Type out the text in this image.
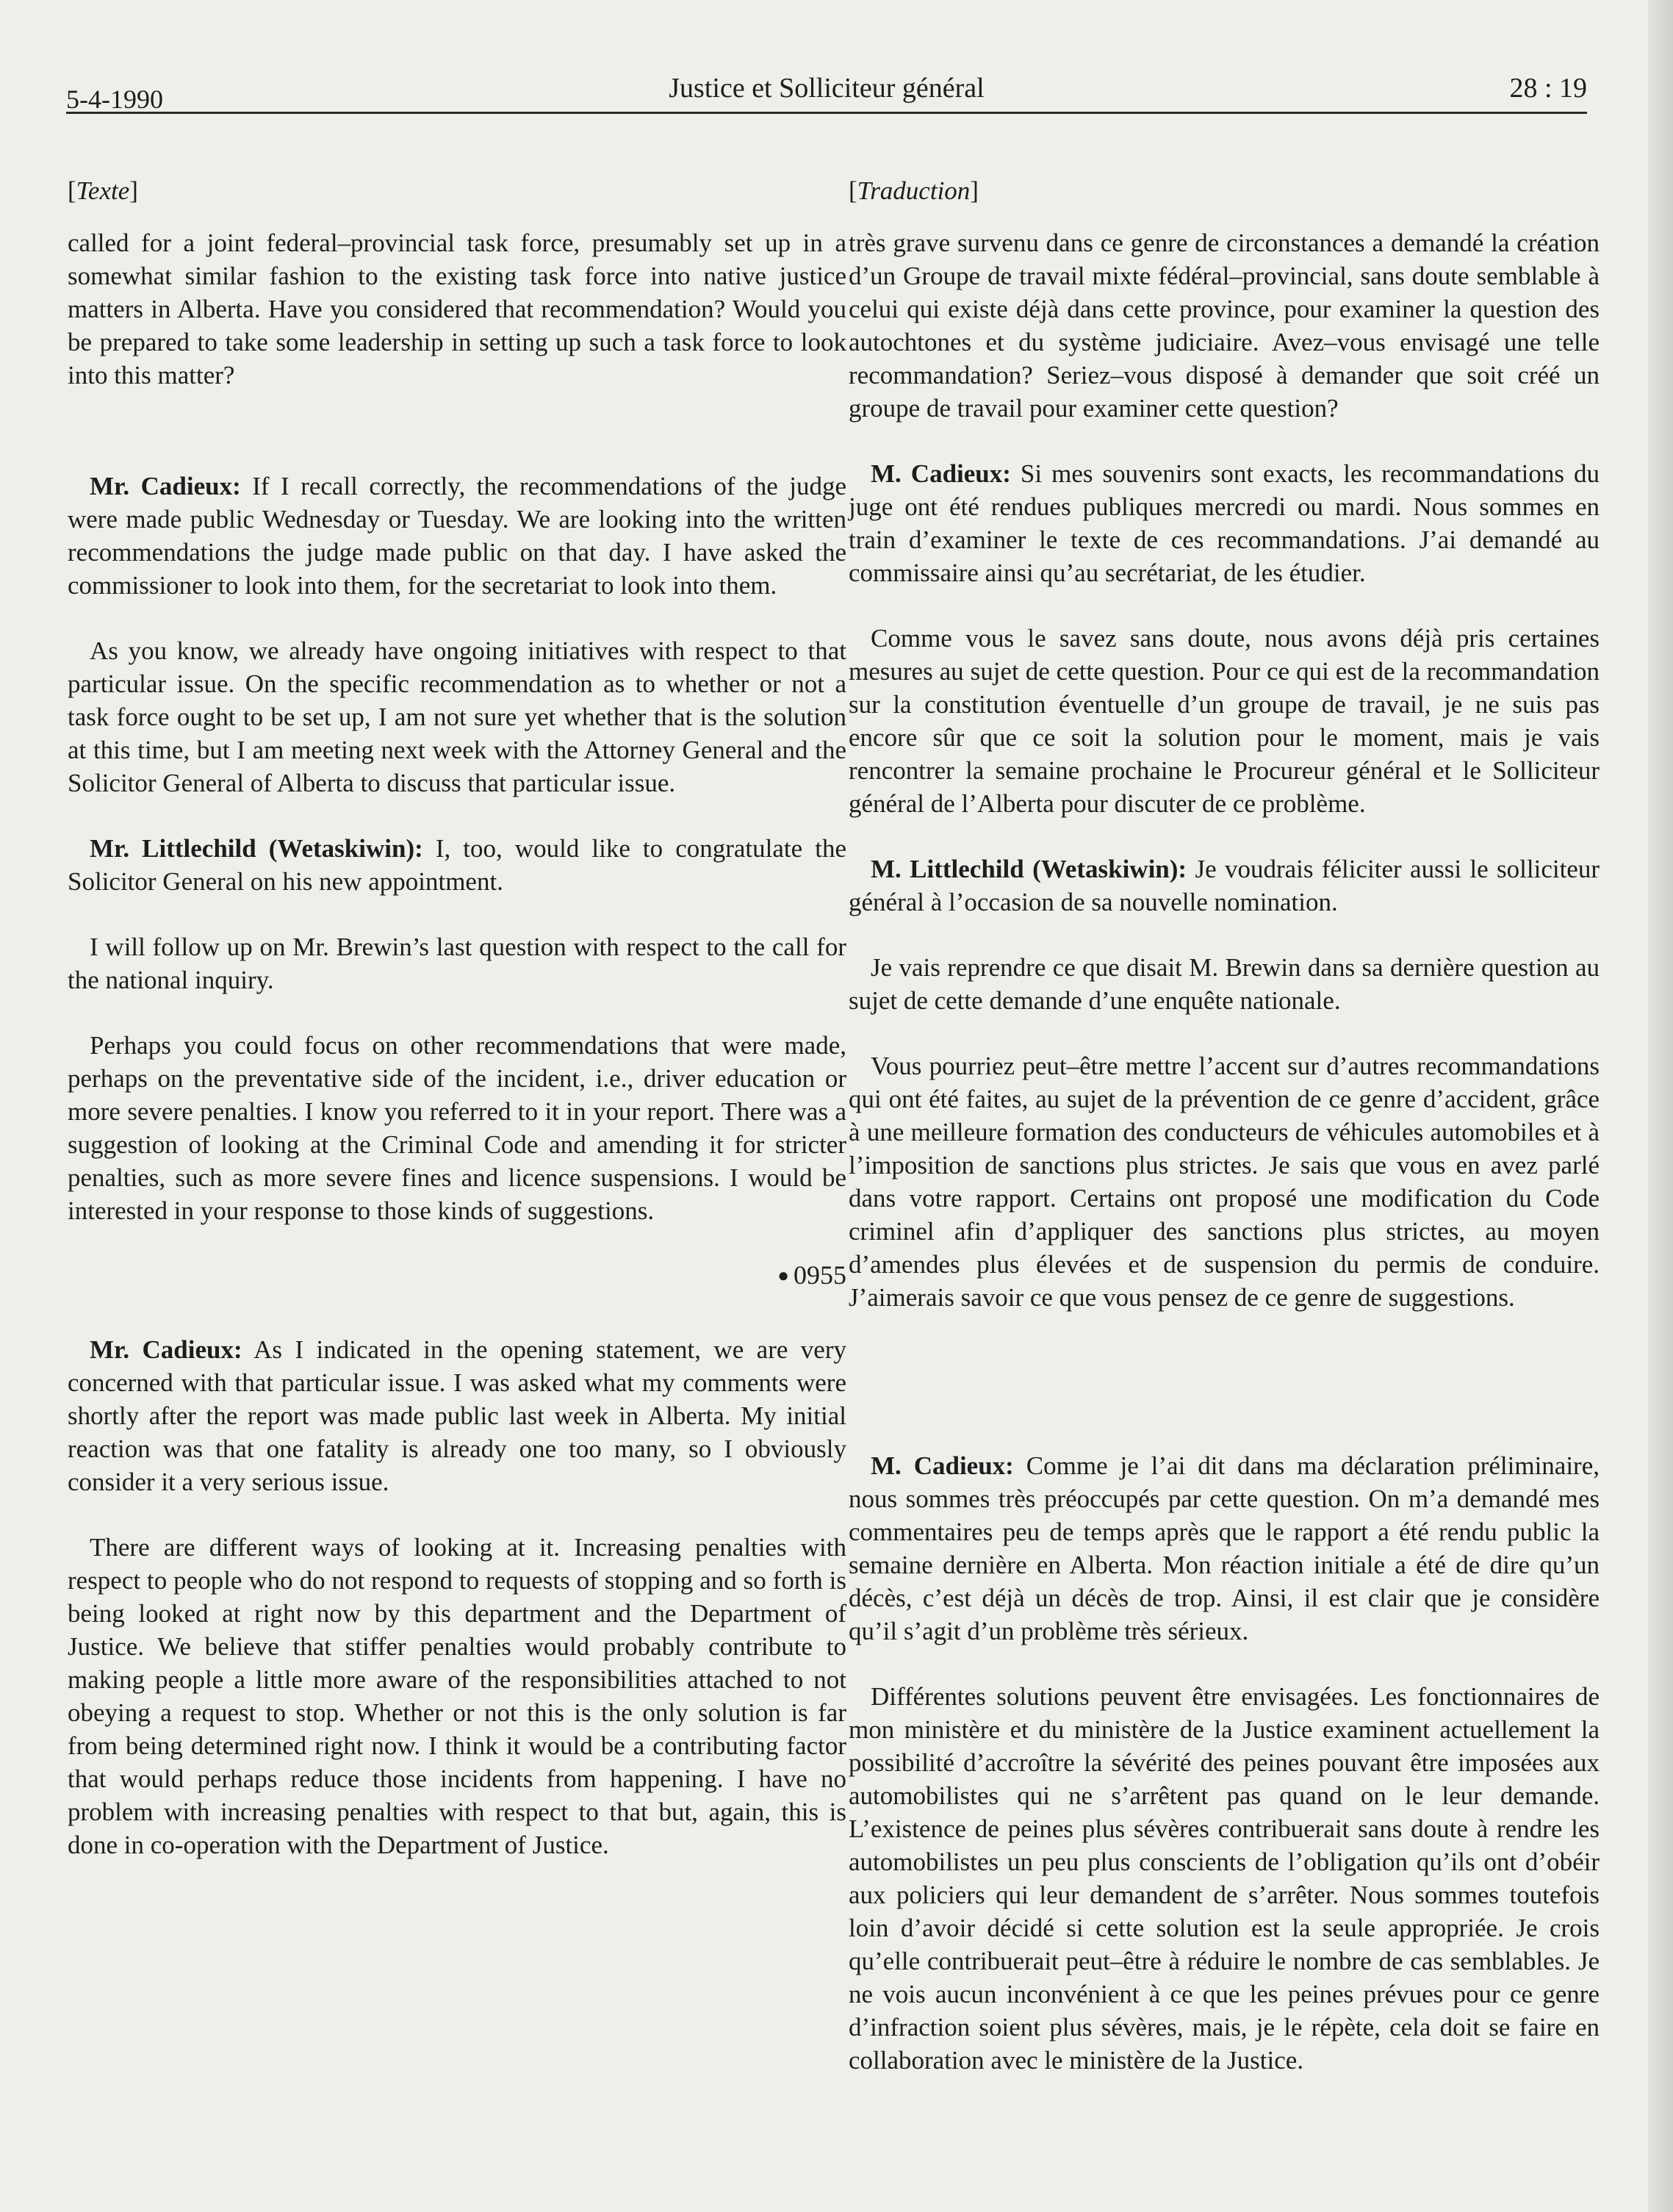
5-4-1990	Justice et Solliciteur général	28 : 19

[Texte]

called for a joint federal–provincial task force, presumably set up in a somewhat similar fashion to the existing task force into native justice matters in Alberta. Have you considered that recommendation? Would you be prepared to take some leadership in setting up such a task force to look into this matter?

Mr. Cadieux: If I recall correctly, the recommendations of the judge were made public Wednesday or Tuesday. We are looking into the written recommendations the judge made public on that day. I have asked the commissioner to look into them, for the secretariat to look into them.

As you know, we already have ongoing initiatives with respect to that particular issue. On the specific recommendation as to whether or not a task force ought to be set up, I am not sure yet whether that is the solution at this time, but I am meeting next week with the Attorney General and the Solicitor General of Alberta to discuss that particular issue.

Mr. Littlechild (Wetaskiwin): I, too, would like to congratulate the Solicitor General on his new appointment.

I will follow up on Mr. Brewin’s last question with respect to the call for the national inquiry.

Perhaps you could focus on other recommendations that were made, perhaps on the preventative side of the incident, i.e., driver education or more severe penalties. I know you referred to it in your report. There was a suggestion of looking at the Criminal Code and amending it for stricter penalties, such as more severe fines and licence suspensions. I would be interested in your response to those kinds of suggestions.

● 0955

Mr. Cadieux: As I indicated in the opening statement, we are very concerned with that particular issue. I was asked what my comments were shortly after the report was made public last week in Alberta. My initial reaction was that one fatality is already one too many, so I obviously consider it a very serious issue.

There are different ways of looking at it. Increasing penalties with respect to people who do not respond to requests of stopping and so forth is being looked at right now by this department and the Department of Justice. We believe that stiffer penalties would probably contribute to making people a little more aware of the responsibilities attached to not obeying a request to stop. Whether or not this is the only solution is far from being determined right now. I think it would be a contributing factor that would perhaps reduce those incidents from happening. I have no problem with increasing penalties with respect to that but, again, this is done in co-operation with the Department of Justice.

[Traduction]

très grave survenu dans ce genre de circonstances a demandé la création d’un Groupe de travail mixte fédéral–provincial, sans doute semblable à celui qui existe déjà dans cette province, pour examiner la question des autochtones et du système judiciaire. Avez–vous envisagé une telle recommandation? Seriez–vous disposé à demander que soit créé un groupe de travail pour examiner cette question?

M. Cadieux: Si mes souvenirs sont exacts, les recommandations du juge ont été rendues publiques mercredi ou mardi. Nous sommes en train d’examiner le texte de ces recommandations. J’ai demandé au commissaire ainsi qu’au secrétariat, de les étudier.

Comme vous le savez sans doute, nous avons déjà pris certaines mesures au sujet de cette question. Pour ce qui est de la recommandation sur la constitution éventuelle d’un groupe de travail, je ne suis pas encore sûr que ce soit la solution pour le moment, mais je vais rencontrer la semaine prochaine le Procureur général et le Solliciteur général de l’Alberta pour discuter de ce problème.

M. Littlechild (Wetaskiwin): Je voudrais féliciter aussi le solliciteur général à l’occasion de sa nouvelle nomination.

Je vais reprendre ce que disait M. Brewin dans sa dernière question au sujet de cette demande d’une enquête nationale.

Vous pourriez peut–être mettre l’accent sur d’autres recommandations qui ont été faites, au sujet de la prévention de ce genre d’accident, grâce à une meilleure formation des conducteurs de véhicules automobiles et à l’imposition de sanctions plus strictes. Je sais que vous en avez parlé dans votre rapport. Certains ont proposé une modification du Code criminel afin d’appliquer des sanctions plus strictes, au moyen d’amendes plus élevées et de suspension du permis de conduire. J’aimerais savoir ce que vous pensez de ce genre de suggestions.

M. Cadieux: Comme je l’ai dit dans ma déclaration préliminaire, nous sommes très préoccupés par cette question. On m’a demandé mes commentaires peu de temps après que le rapport a été rendu public la semaine dernière en Alberta. Mon réaction initiale a été de dire qu’un décès, c’est déjà un décès de trop. Ainsi, il est clair que je considère qu’il s’agit d’un problème très sérieux.

Différentes solutions peuvent être envisagées. Les fonctionnaires de mon ministère et du ministère de la Justice examinent actuellement la possibilité d’accroître la sévérité des peines pouvant être imposées aux automobilistes qui ne s’arrêtent pas quand on le leur demande. L’existence de peines plus sévères contribuerait sans doute à rendre les automobilistes un peu plus conscients de l’obligation qu’ils ont d’obéir aux policiers qui leur demandent de s’arrêter. Nous sommes toutefois loin d’avoir décidé si cette solution est la seule appropriée. Je crois qu’elle contribuerait peut–être à réduire le nombre de cas semblables. Je ne vois aucun inconvénient à ce que les peines prévues pour ce genre d’infraction soient plus sévères, mais, je le répète, cela doit se faire en collaboration avec le ministère de la Justice.
